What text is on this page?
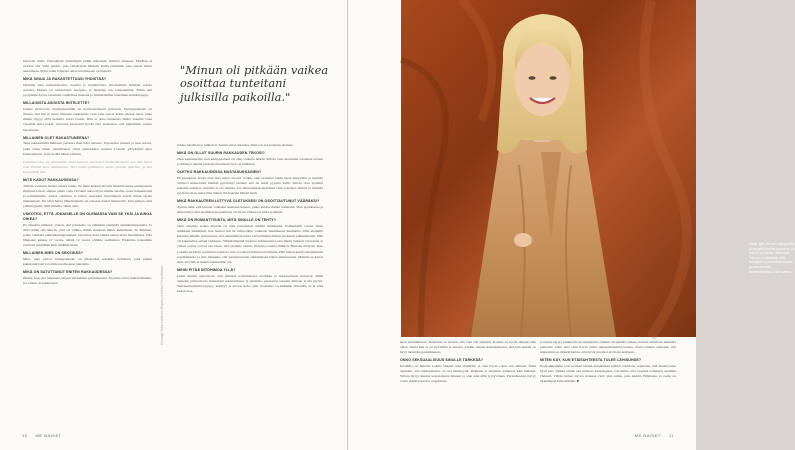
huonosti muut. Ulkonäkölä tärkeämpää pidän kuitenkin, miellen ohenana. Mielhen ei tarvitse olla "täöti pokka", juta viehättyisin häneslä. Pidän enemmin, jotta saavat minut nauramaan. Myös hahu tvistetaa omaa intohinoaan on tärkeää.

MIKÄ SINUA JA RAKASTETTUASI YHDISTÄÄ?

Olemme aika samankaltaisia: nopeita ja intohimoisia. Intomamme herkkiet asioita asioista. Meissä on samanlaista energiaa, ja tärkenne sen toisiaanmme. Pidän että pystymme hyvin toisemme vaiuhdissa makana ja ymmärtämme toisemme elämäntapoja.

MILLAISISTA ASIOISTA RIITELETTE?

Joskus ylivuoroin väsymyksestämi tai hormonaalisesti jutissaan. Kumppaannasti on illaana, että häs ei aiona illastaen rokkokelsa vaan vesa saavat kokin rikasat aniat, jotka minun täytyy alllä herkella saada loaida. Hän ei anna tunteensa liikkä laskulle vaan viloeliää pelet pokki, toivottua kaaastesti hyvää riita pokkoitaa, että puhuimme asiasta lauomesna.

MILLAINEN OLET RAKASTUNEENA?

Teen rakastamiini ihmisten puolesta lkan mitä tahansa. Uppoudun toiseen ja teen asiotia, jotka tekee hänet onnelliseksi. Olen esimerkiksi innanut Lassille ylläyksiksi lipot konkonmerin, josta tiedän hänen pitävän.

Lapsilleni olen loj omannakin. Otan hannan, että Lassi ymmärtää täysin sen, että lapset ovat minulle aina ykkösasioita. Teen kaikki paikkikseni lasten parasta ajatellen, ja hän kunnioittaa sitä.

MITÄ KADUT RAKKAUDESSA?

Tehtäin varmasti monia asioita toisin. En ehkä keskittyisi niin intohimoiseen ensisijaiseen ihtiyteen laston olleusa pinnit vaan vatvakin aikaa myös mulile asioille, koen hansankollis ja parisuhteelle. Aitsoi olemisen ja lasten tarpeiden täyttäminen veivät minut täysin makaamaan. En ollut haluu jälkeisataiella tai runokia itselei mennevää. Tein kaiken ollai ynmärryjeelli, mitä minulla ollisit ollut.

USKOTKO, ETTÄ JOKAISELLE ON OLEMASSA VAIN SE YKSI JA AINOA OIKEA?

En missään nimessä. Uskon, että jokaisella on elämässä enempää sielunkumppaneita. Ja siinä miten sitä näkoin, jotta on väikka, mihin suuntaan lähtee kulkemaan. Se ihminen, jonka vaihtaan elämänkumppaniksen, kasvattaa itseä kaikki ennen tässä maailmassa. Elle Nikkalen kanssa 17 vuotta, näistä 12 vuotta olimme naimisissa. Hioimme toisiamme varmasti enemmän kuin mitkään muut.

MILLAINEN MIES ON SEKSIKÄS?

Mies, joka palvoo kumppaniaan, on mielestäni seksikäs. Sellainen, joka puhuu kunnioittavasti ja toimia puolisoansa jalustalle.

MIKÄ ON SATUTTANUT ENITEN RAKKAUDESSA?

Hetket, kun olet tunteneet olevasi yksinäinen parisuhteessa. En anna toista mahdollisuutta, jos toinen on kuukaveret

"Minun oli pitkään vaikea osoittaa tunteitani julkisilla paikoilla."

minua tahallaan ja julkisesti. Saatan antaa anteeksi, mutta en voi koskaan unohtaa.

MIKÄ ON OLLUT SUURIN RAKKAUDEN TEKOSI?

Olen kannustellut, kun kumppaallani on ollut vaikeita hetkiä. Silloin olen sitoutunut ottamaan sivuun ja lähtenyt tekelle puolelle muuttanut tuota ja kulkekoi.

OLETKO RAKKAUDESSA MUSTASUKKAINEN?

En juurikaan, koska olen aina tentyt arvosti. Joskus olen saattanut tehdä itsesi näkyväksi ja merkitä tevittevi käsitetoillä mieistä pyöritänyt niemen että tai mittä pyyntiä kellä. Silloin olen ajatellut kokeilla naiharas, minulla ei ole hauska. Jos mustasukkaisuudelleni olisi todellista aihetta ja minulla syytä huoleen, mien jäisi siihen. En halaalsi hänstä enää.

MIKÄ RAKKAUTEEN LIITTYVÄ OLETUKSESI ON OSOITTAUTUNUT VÄÄRÄKSI?

Ajattui niitä, että kavaan vanhaksi mielssen kanssa, jonka kanssa menin naimisiin. Siitä ajatuksesta ja siihen liittyvistä unelmista luopuminen oli hyvin vaikeaa ja särki sydämen.

MIKÄ ON ROMANTTISINTA, MITÄ SINULLE ON TEHTY?

Olen onnekas, koska minulla on ollut romanttisia miehiä elämässäni. Esimerkiksi vuosia sitten miehkeni lähemmtii, kun laaterd tuli tai tullapolkija vaikkaan mummeresi huuhdella. Olin aiemmin kertunut hänelle apineenesti, että tunnemmeni tuhee verivelimään mimaa suoksesti pikkuisiksiini. Hän oli kuunnellut sanani tarkkaan. Viimeisimpänä uudessa suhteessani Lassi mietti tarkasti veistotsiat ja väikee pujuot varvaa sen ensee, että saamme nauttia yhdessä totteuta illallista Bassaan mölyssä. Kun Lassille tarjoittin sopimusta laputata, hän vei minut Italiassa illalliselle. Hän haluui kuulla mielipiteesti sopimuksesta ja sitä, haluanko olla seurustaessaan sekkmukaan hänen mukkaaseen. Minulle se kertoi siitä, että hän ei muuta suhtaemme ole.

MIHIN PITÄÄ INTOHIMOA YLLÄ?

Usein kuulen sanottavan, että pitkässä parisuhteessa erotiikka ja seksuaalisuus katoavat. Minä ajattelen päinvastoin: mielestäni seksuaalisuus ja intohimo paranevat vuosien mittaan ja iän myötä. Seksuaalisuutemi kypsyy, kehittyy ja kasvaa koko ajan. Kosketus on kaikkien tärkeintä, se ei saisi kadota kos-

Kuvaaja Sofia Lahtinen-Rajala, ja Meikki Virpi Alatalo
10 ME NAISET
Hellä Jylhi vie sen näppärällä ja syvällä tavalla; kauneus on hänen pohdinta- aiheensa. "Minun on tärkeää, että kumppani kunnioittaa minua ja saa minulta tarvitsemaansa, hän sanoo."

kaan parisuhteesta. Koskettaa ei tarvitse olla vain sitä seksistä. Koskea on hyvin tärkeää aina aikaa, mutta kun se on hyvitämä ja lunasta. Tiedän omasta kokemuksesta, että kun sinulla on hyvä intohimo parisuhteessa.

ONKO SEKSUAALISUUS SINULLE TÄRKEÄÄ?

Intohimo on minulle todella tärkeää oma elämääni, ja olen hyvin vapaa sen suhteen. Minä ajattelen, että seksuaalisuus on osa ihmisyyttä. Rakkaus ja intohimo kulkevat käsi kädessä. Silloin täytyy kuulua kokonaisuus minuun ja olen aina ollut tyytyväinen. Parisuhteessa täytyy voida uskaltaa kertoa tarpeistaan.

ja toinen täytyy kuunnella ne tarpeidensa. Minun oli pitkään vaikea osoittaa tunteitani julkisilla paikoilla. Olen aina ollut hyvin sinnä seksuaalisuuteni kanssa, mutta tänään ajattelen, että mielestäni on tärkeää kertoa, että hyvät puolisot eivät ole kolmeen.

MITEN KÄY, KUN ETÄISUHTEESTA TULEE LÄHISUHDE?

Kotipaikkamme ovat kolmen tunnin automatkan päässä toisistaan. Ajattelen, että meistä tulee hyvä pari. Vaikka emme asu samassa kaupungissa, toivomme, että jossakin vaiheessa asumme yhdessä. Tähän lisäten toivon mukaan vielä yksi suhde, joka kestää. Hiljaisuus ja rauha on tärkeämpää kuin mikään. ■

ME NAISET 11
